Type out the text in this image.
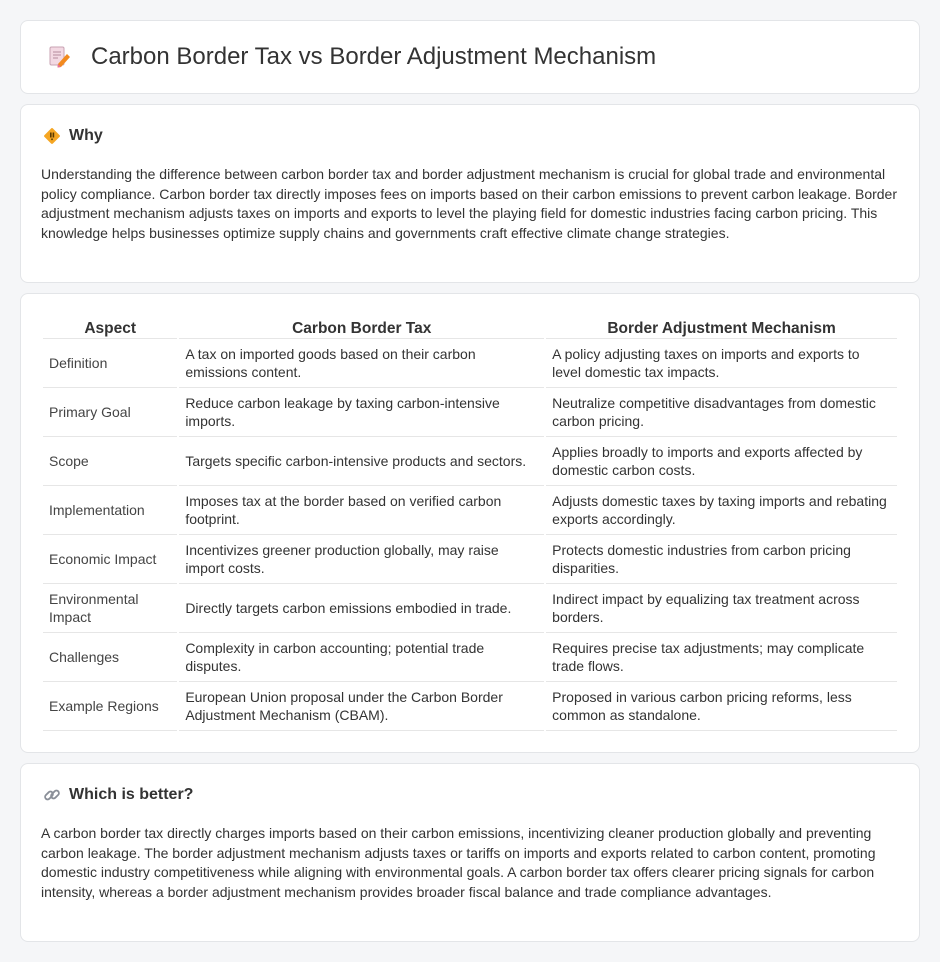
Carbon Border Tax vs Border Adjustment Mechanism
Why

Understanding the difference between carbon border tax and border adjustment mechanism is crucial for global trade and environmental policy compliance. Carbon border tax directly imposes fees on imports based on their carbon emissions to prevent carbon leakage. Border adjustment mechanism adjusts taxes on imports and exports to level the playing field for domestic industries facing carbon pricing. This knowledge helps businesses optimize supply chains and governments craft effective climate change strategies.

Aspect	Carbon Border Tax	Border Adjustment Mechanism
Definition	A tax on imported goods based on their carbon emissions content.	A policy adjusting taxes on imports and exports to level domestic tax impacts.
Primary Goal	Reduce carbon leakage by taxing carbon-intensive imports.	Neutralize competitive disadvantages from domestic carbon pricing.
Scope	Targets specific carbon-intensive products and sectors.	Applies broadly to imports and exports affected by domestic carbon costs.
Implementation	Imposes tax at the border based on verified carbon footprint.	Adjusts domestic taxes by taxing imports and rebating exports accordingly.
Economic Impact	Incentivizes greener production globally, may raise import costs.	Protects domestic industries from carbon pricing disparities.
Environmental Impact	Directly targets carbon emissions embodied in trade.	Indirect impact by equalizing tax treatment across borders.
Challenges	Complexity in carbon accounting; potential trade disputes.	Requires precise tax adjustments; may complicate trade flows.
Example Regions	European Union proposal under the Carbon Border Adjustment Mechanism (CBAM).	Proposed in various carbon pricing reforms, less common as standalone.
Which is better?

A carbon border tax directly charges imports based on their carbon emissions, incentivizing cleaner production globally and preventing carbon leakage. The border adjustment mechanism adjusts taxes or tariffs on imports and exports related to carbon content, promoting domestic industry competitiveness while aligning with environmental goals. A carbon border tax offers clearer pricing signals for carbon intensity, whereas a border adjustment mechanism provides broader fiscal balance and trade compliance advantages.
